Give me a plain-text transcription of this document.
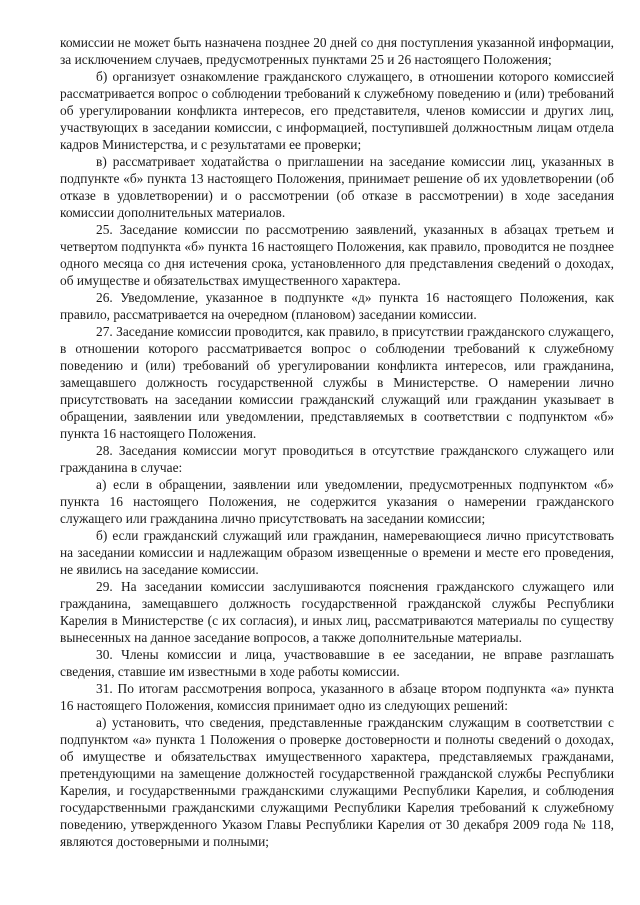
комиссии не может быть назначена позднее 20 дней со дня поступления указанной информации, за исключением случаев, предусмотренных пунктами 25 и 26 настоящего Положения;

б) организует ознакомление гражданского служащего, в отношении которого комиссией рассматривается вопрос о соблюдении требований к служебному поведению и (или) требований об урегулировании конфликта интересов, его представителя, членов комиссии и других лиц, участвующих в заседании комиссии, с информацией, поступившей должностным лицам отдела кадров Министерства, и с результатами ее проверки;

в) рассматривает ходатайства о приглашении на заседание комиссии лиц, указанных в подпункте «б» пункта 13 настоящего Положения, принимает решение об их удовлетворении (об отказе в удовлетворении) и о рассмотрении (об отказе в рассмотрении) в ходе заседания комиссии дополнительных материалов.

25. Заседание комиссии по рассмотрению заявлений, указанных в абзацах третьем и четвертом подпункта «б» пункта 16 настоящего Положения, как правило, проводится не позднее одного месяца со дня истечения срока, установленного для представления сведений о доходах, об имуществе и обязательствах имущественного характера.

26. Уведомление, указанное в подпункте «д» пункта 16 настоящего Положения, как правило, рассматривается на очередном (плановом) заседании комиссии.

27. Заседание комиссии проводится, как правило, в присутствии гражданского служащего, в отношении которого рассматривается вопрос о соблюдении требований к служебному поведению и (или) требований об урегулировании конфликта интересов, или гражданина, замещавшего должность государственной службы в Министерстве. О намерении лично присутствовать на заседании комиссии гражданский служащий или гражданин указывает в обращении, заявлении или уведомлении, представляемых в соответствии с подпунктом «б» пункта 16 настоящего Положения.

28. Заседания комиссии могут проводиться в отсутствие гражданского служащего или гражданина в случае:

а) если в обращении, заявлении или уведомлении, предусмотренных подпунктом «б» пункта 16 настоящего Положения, не содержится указания о намерении гражданского служащего или гражданина лично присутствовать на заседании комиссии;

б) если гражданский служащий или гражданин, намеревающиеся лично присутствовать на заседании комиссии и надлежащим образом извещенные о времени и месте его проведения, не явились на заседание комиссии.

29. На заседании комиссии заслушиваются пояснения гражданского служащего или гражданина, замещавшего должность государственной гражданской службы Республики Карелия в Министерстве (с их согласия), и иных лиц, рассматриваются материалы по существу вынесенных на данное заседание вопросов, а также дополнительные материалы.

30. Члены комиссии и лица, участвовавшие в ее заседании, не вправе разглашать сведения, ставшие им известными в ходе работы комиссии.

31. По итогам рассмотрения вопроса, указанного в абзаце втором подпункта «а» пункта 16 настоящего Положения, комиссия принимает одно из следующих решений:

а) установить, что сведения, представленные гражданским служащим в соответствии с подпунктом «а» пункта 1 Положения о проверке достоверности и полноты сведений о доходах, об имуществе и обязательствах имущественного характера, представляемых гражданами, претендующими на замещение должностей государственной гражданской службы Республики Карелия, и государственными гражданскими служащими Республики Карелия, и соблюдения государственными гражданскими служащими Республики Карелия требований к служебному поведению, утвержденного Указом Главы Республики Карелия от 30 декабря 2009 года № 118, являются достоверными и полными;
